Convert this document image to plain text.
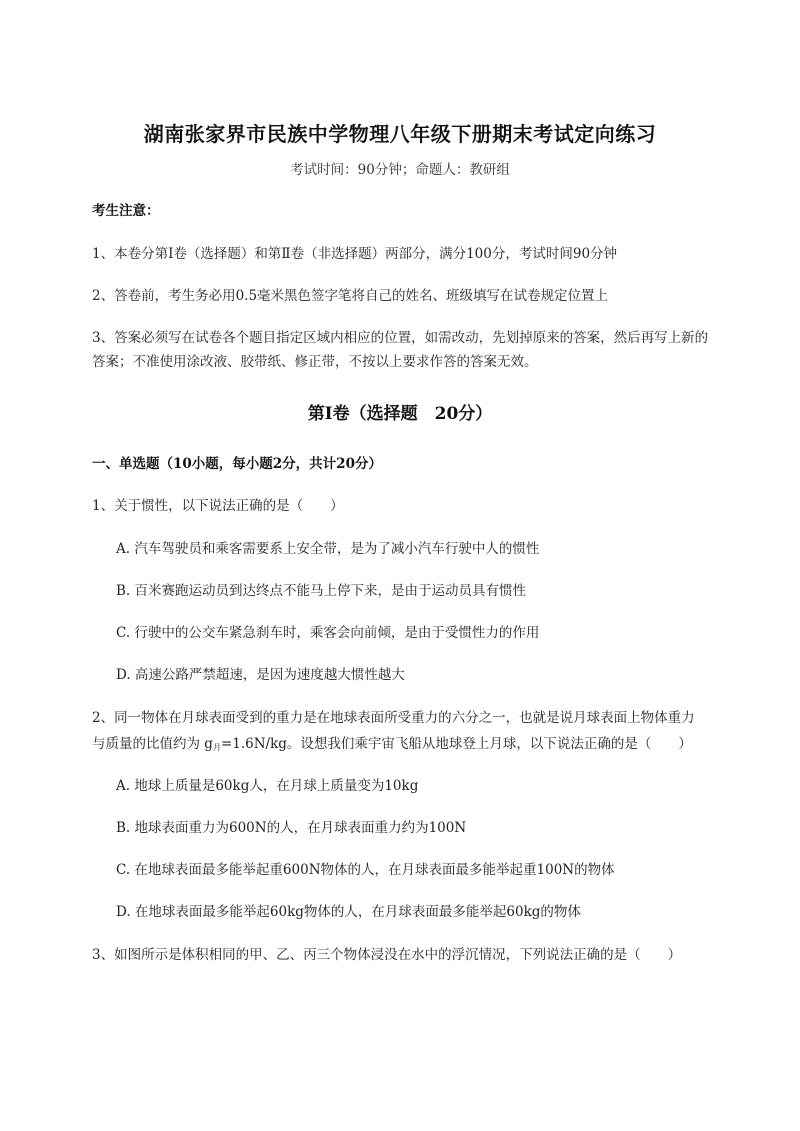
湖南张家界市民族中学物理八年级下册期末考试定向练习
考试时间：90分钟；命题人：教研组
考生注意：
1、本卷分第Ⅰ卷（选择题）和第Ⅱ卷（非选择题）两部分，满分100分，考试时间90分钟
2、答卷前，考生务必用0.5毫米黑色签字笔将自己的姓名、班级填写在试卷规定位置上
3、答案必须写在试卷各个题目指定区域内相应的位置，如需改动，先划掉原来的答案，然后再写上新的答案；不准使用涂改液、胶带纸、修正带，不按以上要求作答的答案无效。
第Ⅰ卷（选择题　20分）
一、单选题（10小题，每小题2分，共计20分）
1、关于惯性，以下说法正确的是（　　）
A. 汽车驾驶员和乘客需要系上安全带，是为了减小汽车行驶中人的惯性
B. 百米赛跑运动员到达终点不能马上停下来，是由于运动员具有惯性
C. 行驶中的公交车紧急刹车时，乘客会向前倾，是由于受惯性力的作用
D. 高速公路严禁超速，是因为速度越大惯性越大
2、同一物体在月球表面受到的重力是在地球表面所受重力的六分之一，也就是说月球表面上物体重力
与质量的比值约为 $g_月=1.6N/kg$。设想我们乘宇宙飞船从地球登上月球，以下说法正确的是（　　）
A. 地球上质量是60kg人，在月球上质量变为10kg
B. 地球表面重力为600N的人，在月球表面重力约为100N
C. 在地球表面最多能举起重600N物体的人，在月球表面最多能举起重100N的物体
D. 在地球表面最多能举起60kg物体的人，在月球表面最多能举起60kg的物体
3、如图所示是体积相同的甲、乙、丙三个物体浸没在水中的浮沉情况，下列说法正确的是（　　）
